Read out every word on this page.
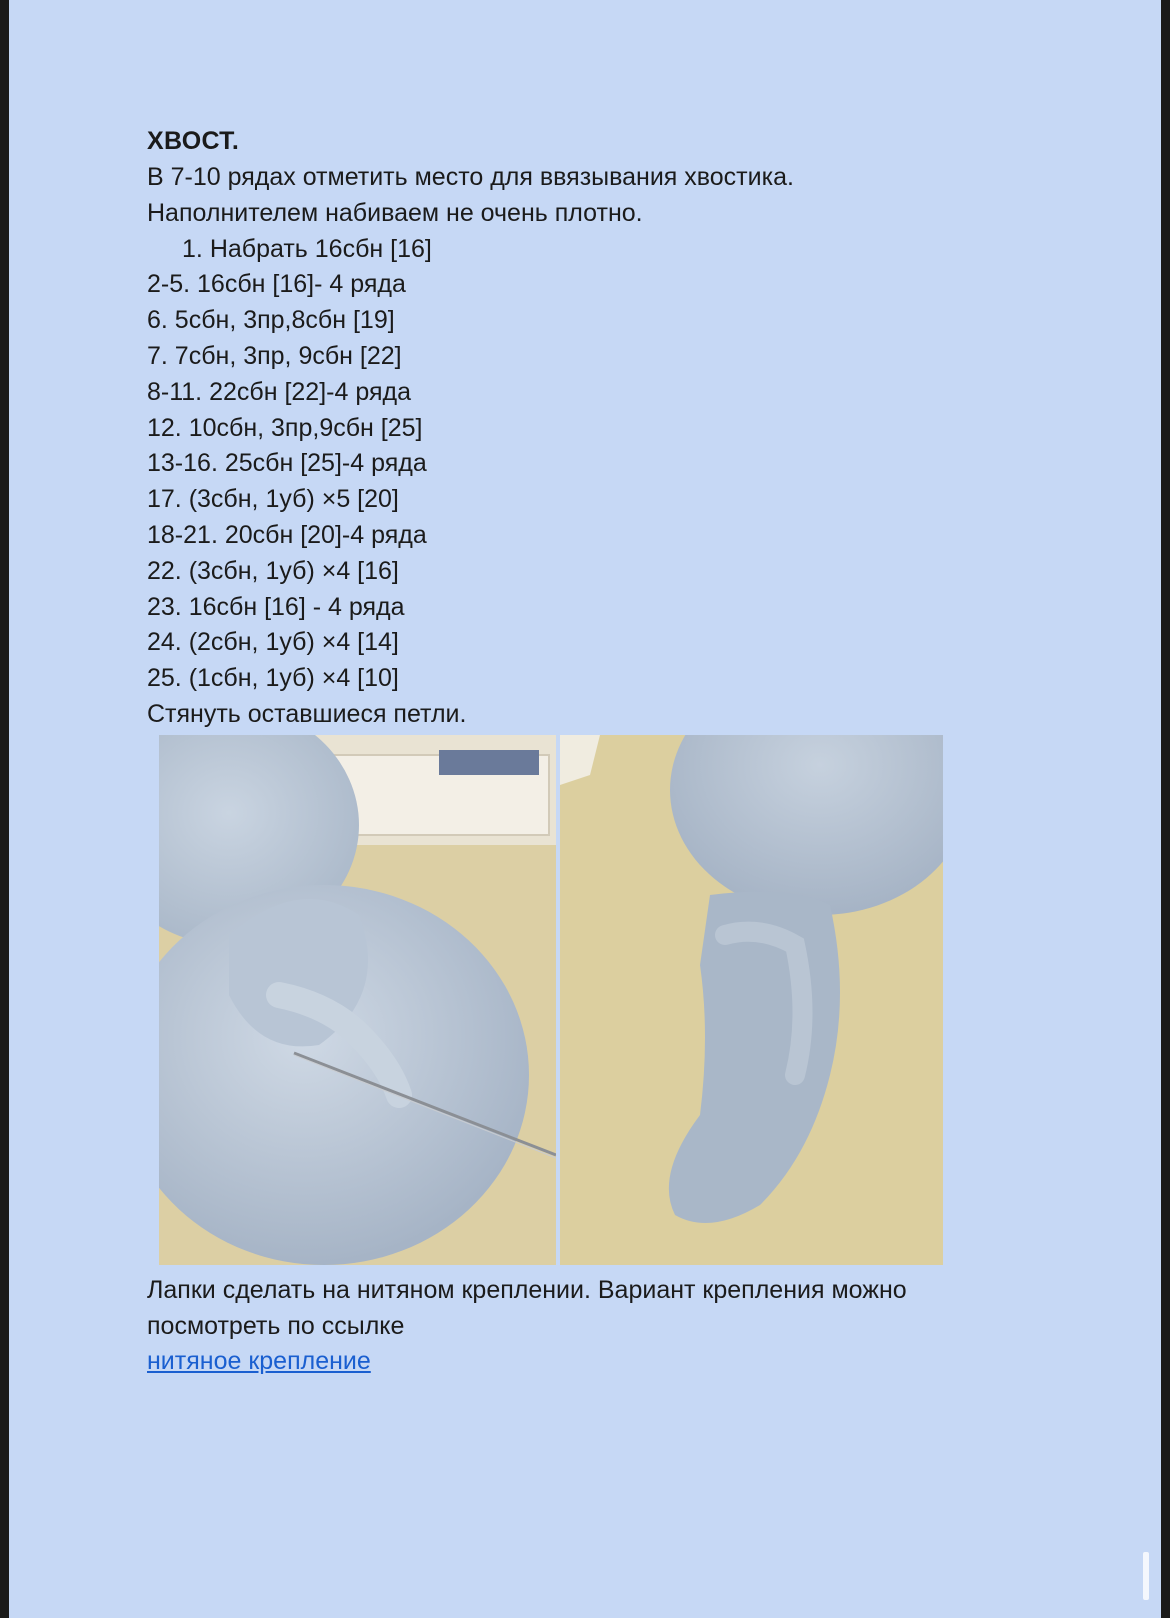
ХВОСТ.
В 7-10 рядах отметить место для ввязывания хвостика.
Наполнителем набиваем не очень плотно.
1. Набрать 16сбн [16]
2-5. 16сбн [16]- 4 ряда
6. 5сбн, 3пр,8сбн [19]
7. 7сбн, 3пр, 9сбн [22]
8-11. 22сбн [22]-4 ряда
12. 10сбн, 3пр,9сбн [25]
13-16. 25сбн [25]-4 ряда
17. (3сбн, 1уб) ×5 [20]
18-21. 20сбн [20]-4 ряда
22. (3сбн, 1уб) ×4 [16]
23. 16сбн [16] - 4 ряда
24. (2сбн, 1уб) ×4 [14]
25. (1сбн, 1уб) ×4 [10]
Стянуть оставшиеся петли.
Лапки сделать на нитяном креплении. Вариант крепления можно
посмотреть по ссылке
нитяное крепление
